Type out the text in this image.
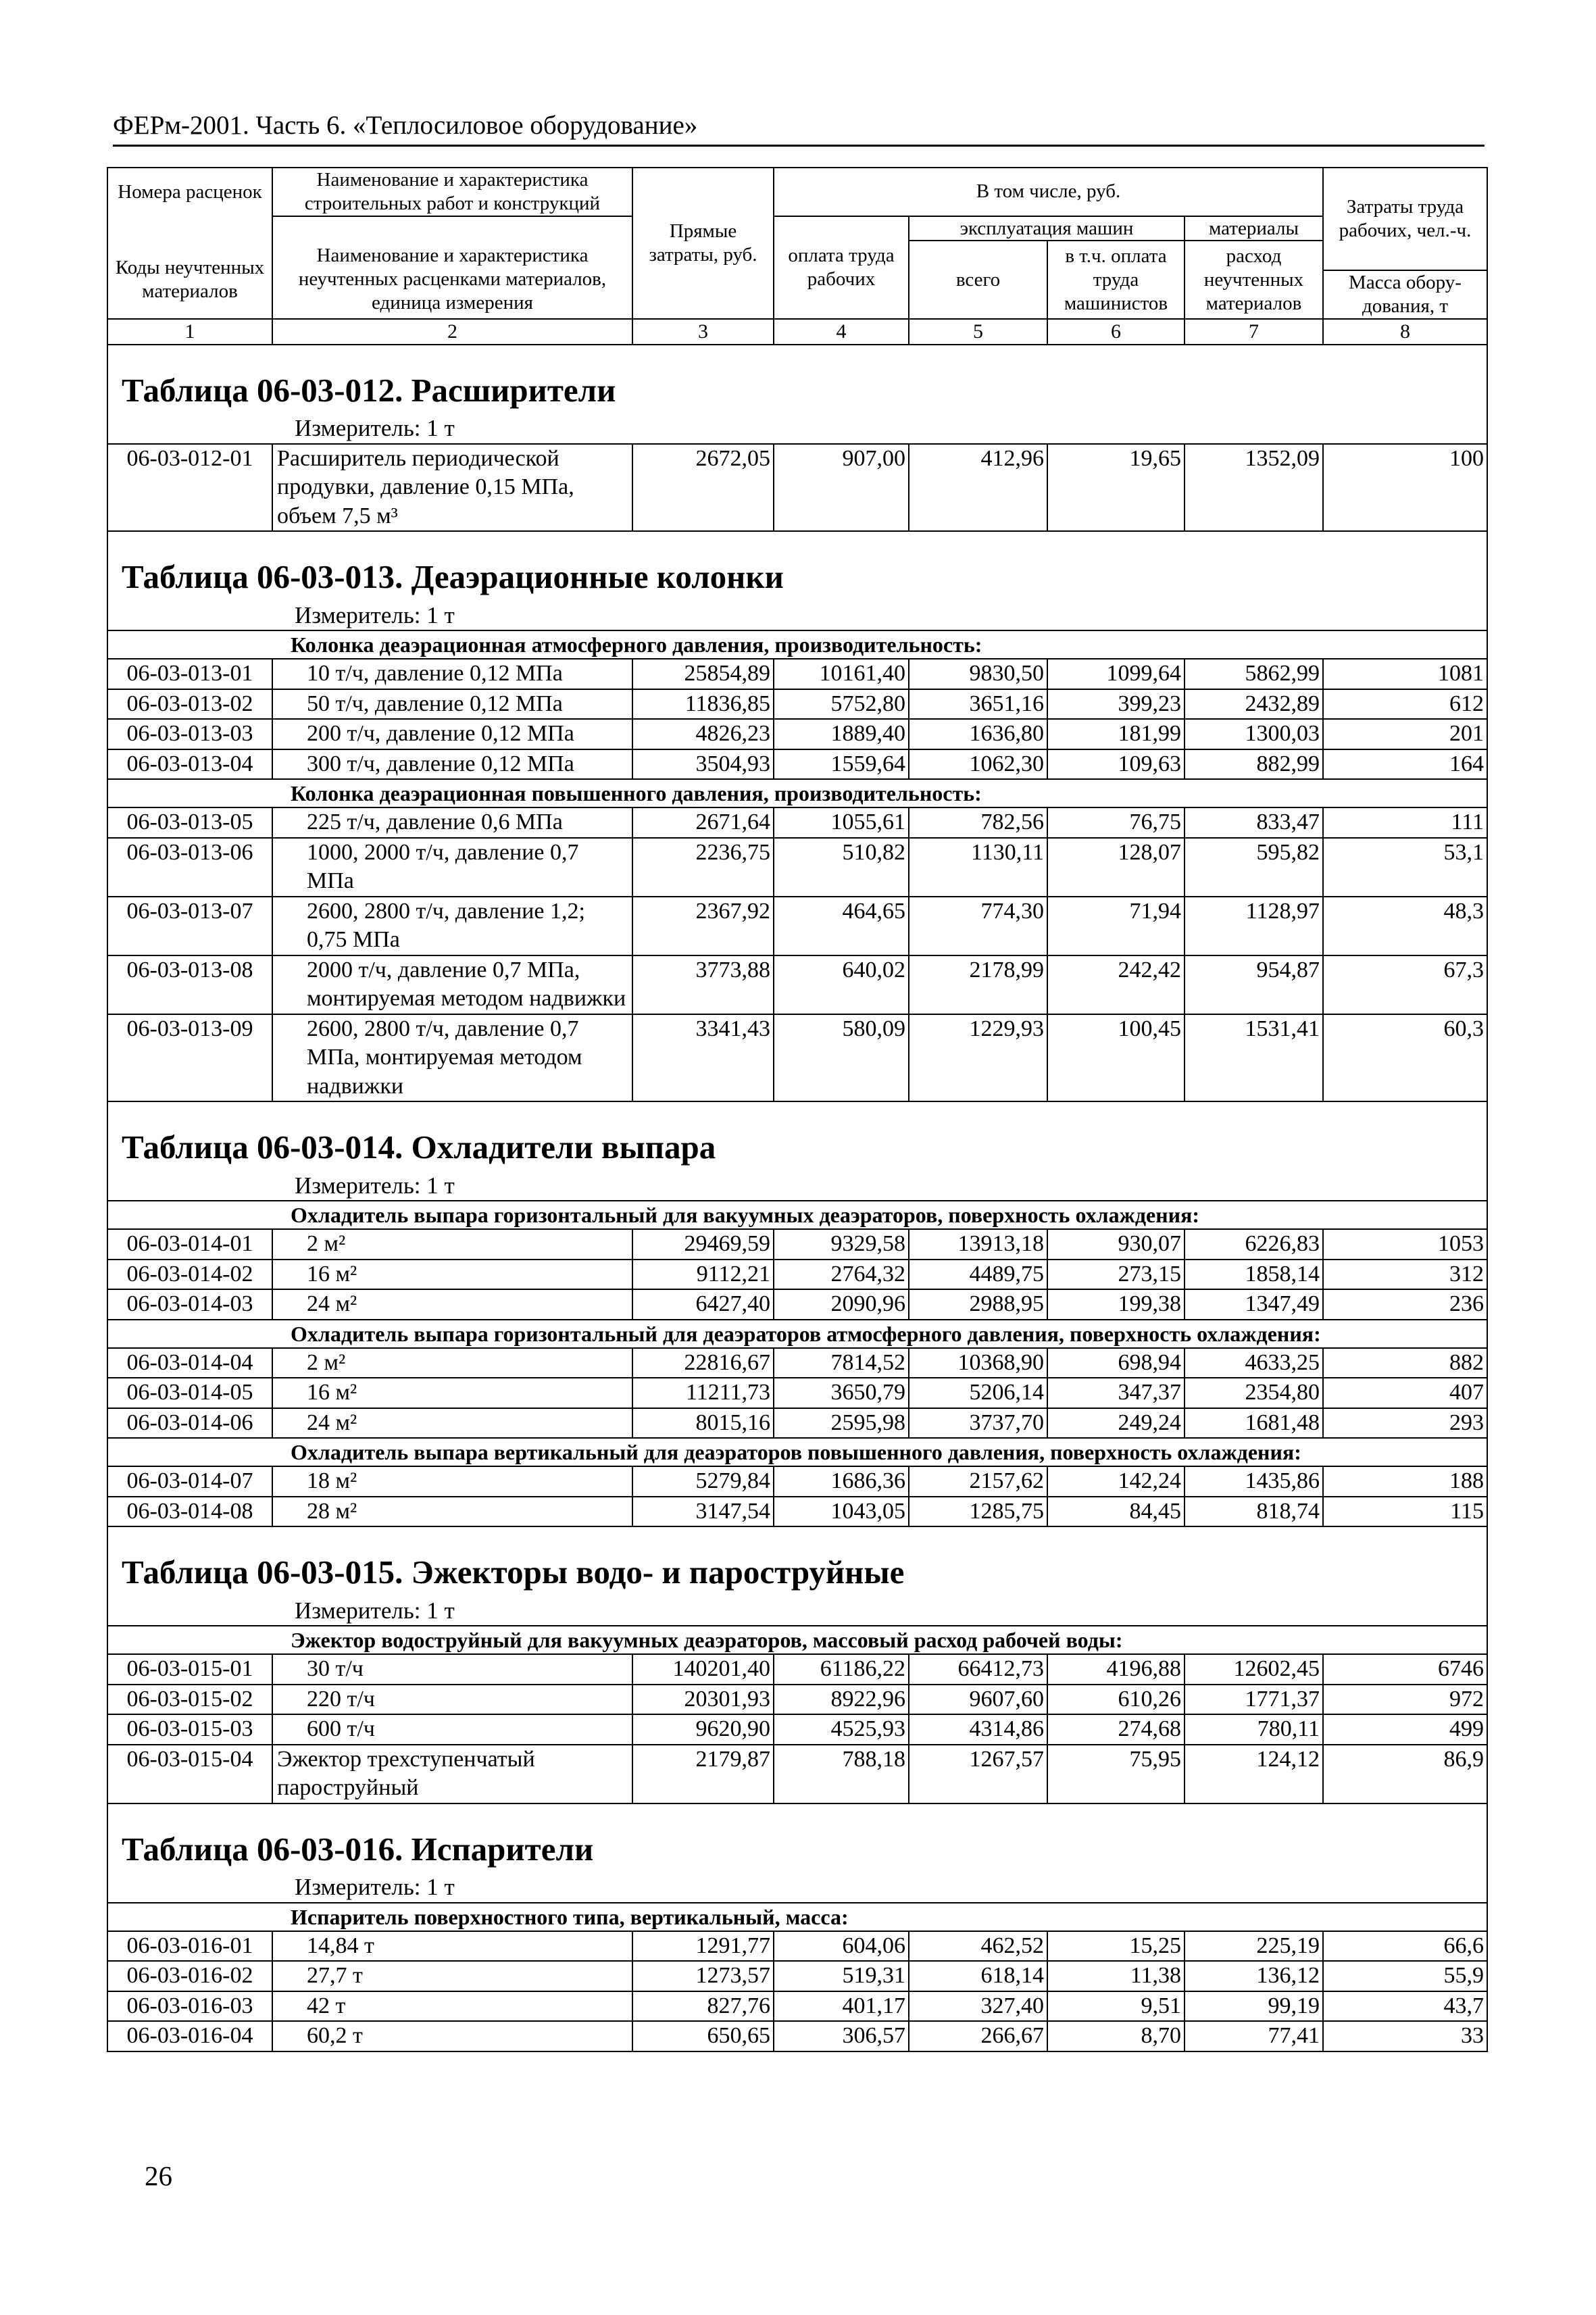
ФЕРм-2001. Часть 6. «Теплосиловое оборудование»
Номера расценок	Наименование и характеристика строительных работ и конструкций	Прямые затраты, руб.	В том числе, руб.				Затраты труда рабочих, чел.-ч.
			оплата труда рабочих	эксплуатация машин		материалы	
Коды неучтенных материалов	Наименование и характеристика неучтенных расценками материалов, единица измерения			всего	в т.ч. оплата труда машинистов	расход неучтенных материалов	
							Масса обору-дования, т
1	2	3	4	5	6	7	8

Таблица 06-03-012. Расширители							
Измеритель: 1 т							
06-03-012-01	Расширитель периодической продувки, давление 0,15 МПа, объем 7,5 м³	2672,05	907,00	412,96	19,65	1352,09	100

Таблица 06-03-013. Деаэрационные колонки							
Измеритель: 1 т							
Колонка деаэрационная атмосферного давления, производительность:							
06-03-013-01	10 т/ч, давление 0,12 МПа	25854,89	10161,40	9830,50	1099,64	5862,99	1081
06-03-013-02	50 т/ч, давление 0,12 МПа	11836,85	5752,80	3651,16	399,23	2432,89	612
06-03-013-03	200 т/ч, давление 0,12 МПа	4826,23	1889,40	1636,80	181,99	1300,03	201
06-03-013-04	300 т/ч, давление 0,12 МПа	3504,93	1559,64	1062,30	109,63	882,99	164
Колонка деаэрационная повышенного давления, производительность:							
06-03-013-05	225 т/ч, давление 0,6 МПа	2671,64	1055,61	782,56	76,75	833,47	111
06-03-013-06	1000, 2000 т/ч, давление 0,7 МПа	2236,75	510,82	1130,11	128,07	595,82	53,1
06-03-013-07	2600, 2800 т/ч, давление 1,2; 0,75 МПа	2367,92	464,65	774,30	71,94	1128,97	48,3
06-03-013-08	2000 т/ч, давление 0,7 МПа, монтируемая методом надвижки	3773,88	640,02	2178,99	242,42	954,87	67,3
06-03-013-09	2600, 2800 т/ч, давление 0,7 МПа, монтируемая методом надвижки	3341,43	580,09	1229,93	100,45	1531,41	60,3

Таблица 06-03-014. Охладители выпара							
Измеритель: 1 т							
Охладитель выпара горизонтальный для вакуумных деаэраторов, поверхность охлаждения:							
06-03-014-01	2 м²	29469,59	9329,58	13913,18	930,07	6226,83	1053
06-03-014-02	16 м²	9112,21	2764,32	4489,75	273,15	1858,14	312
06-03-014-03	24 м²	6427,40	2090,96	2988,95	199,38	1347,49	236
Охладитель выпара горизонтальный для деаэраторов атмосферного давления, поверхность охлаждения:							
06-03-014-04	2 м²	22816,67	7814,52	10368,90	698,94	4633,25	882
06-03-014-05	16 м²	11211,73	3650,79	5206,14	347,37	2354,80	407
06-03-014-06	24 м²	8015,16	2595,98	3737,70	249,24	1681,48	293
Охладитель выпара вертикальный для деаэраторов повышенного давления, поверхность охлаждения:							
06-03-014-07	18 м²	5279,84	1686,36	2157,62	142,24	1435,86	188
06-03-014-08	28 м²	3147,54	1043,05	1285,75	84,45	818,74	115

Таблица 06-03-015. Эжекторы водо- и пароструйные							
Измеритель: 1 т							
Эжектор водоструйный для вакуумных деаэраторов, массовый расход рабочей воды:							
06-03-015-01	30 т/ч	140201,40	61186,22	66412,73	4196,88	12602,45	6746
06-03-015-02	220 т/ч	20301,93	8922,96	9607,60	610,26	1771,37	972
06-03-015-03	600 т/ч	9620,90	4525,93	4314,86	274,68	780,11	499
06-03-015-04	Эжектор трехступенчатый пароструйный	2179,87	788,18	1267,57	75,95	124,12	86,9

Таблица 06-03-016. Испарители							
Измеритель: 1 т							
Испаритель поверхностного типа, вертикальный, масса:							
06-03-016-01	14,84 т	1291,77	604,06	462,52	15,25	225,19	66,6
06-03-016-02	27,7 т	1273,57	519,31	618,14	11,38	136,12	55,9
06-03-016-03	42 т	827,76	401,17	327,40	9,51	99,19	43,7
06-03-016-04	60,2 т	650,65	306,57	266,67	8,70	77,41	33
26
